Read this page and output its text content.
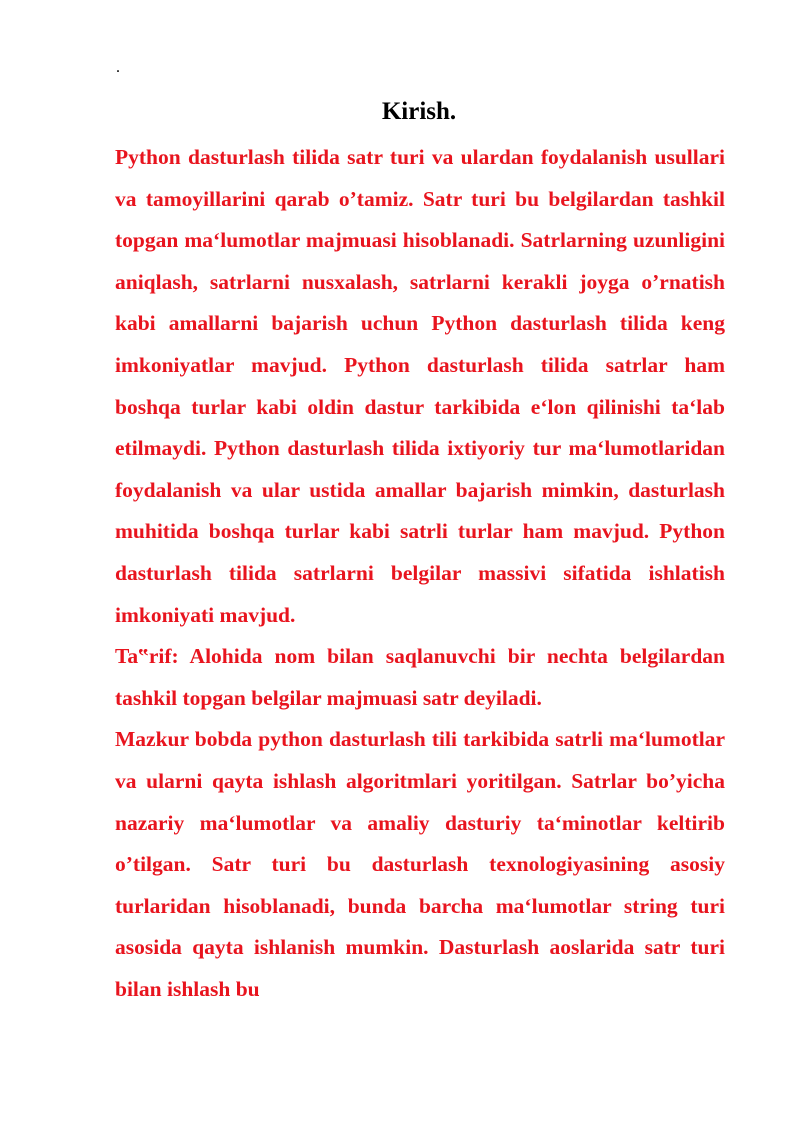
.
Kirish.

Python dasturlash tilida satr turi va ulardan foydalanish usullari va tamoyillarini qarab o’tamiz. Satr turi bu belgilardan tashkil topgan ma‘lumotlar majmuasi hisoblanadi. Satrlarning uzunligini aniqlash, satrlarni nusxalash, satrlarni kerakli joyga o’rnatish kabi amallarni bajarish uchun Python dasturlash tilida keng imkoniyatlar mavjud. Python dasturlash tilida satrlar ham boshqa turlar kabi oldin dastur tarkibida e‘lon qilinishi ta‘lab etilmaydi. Python dasturlash tilida ixtiyoriy tur ma‘lumotlaridan foydalanish va ular ustida amallar bajarish mimkin, dasturlash muhitida boshqa turlar kabi satrli turlar ham mavjud. Python dasturlash tilida satrlarni belgilar massivi sifatida ishlatish imkoniyati mavjud.

Ta‟rif: Alohida nom bilan saqlanuvchi bir nechta belgilardan tashkil topgan belgilar majmuasi satr deyiladi.

Mazkur bobda python dasturlash tili tarkibida satrli ma‘lumotlar va ularni qayta ishlash algoritmlari yoritilgan. Satrlar bo’yicha nazariy ma‘lumotlar va amaliy dasturiy ta‘minotlar keltirib o’tilgan. Satr turi bu dasturlash texnologiyasining asosiy turlaridan hisoblanadi, bunda barcha ma‘lumotlar string turi asosida qayta ishlanish mumkin. Dasturlash aoslarida satr turi bilan ishlash bu
